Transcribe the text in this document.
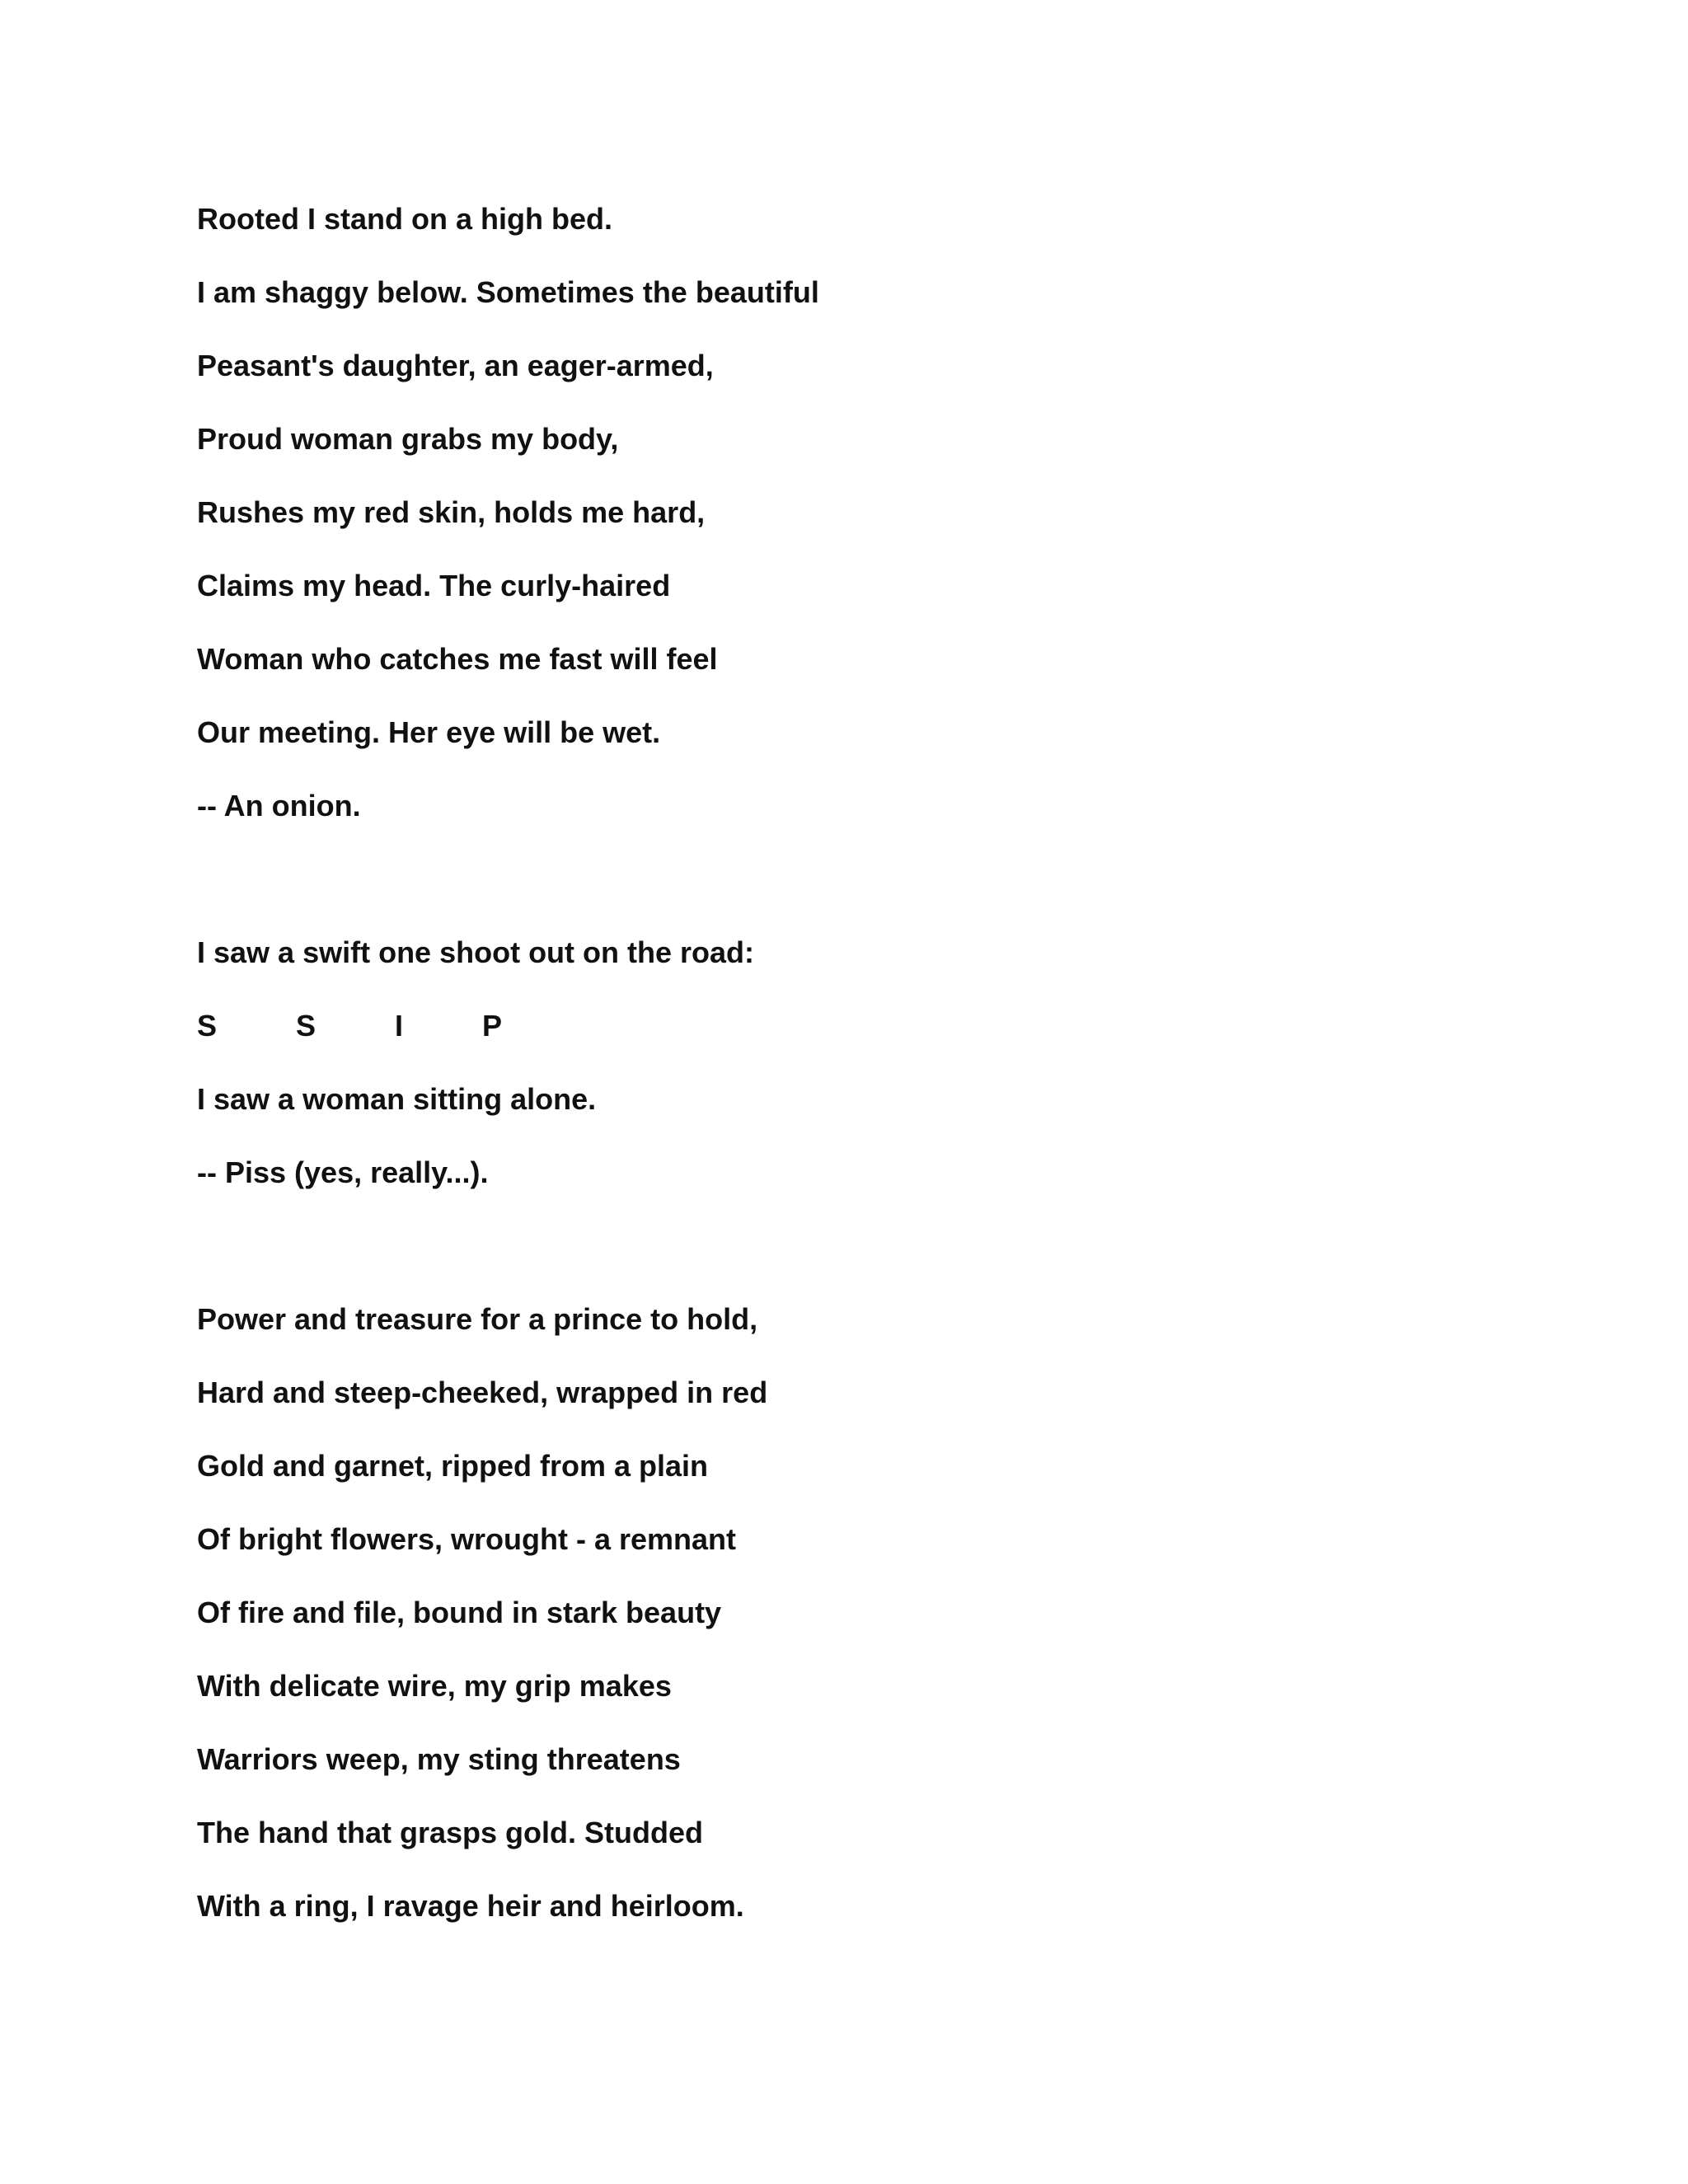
Rooted I stand on a high bed.
I am shaggy below. Sometimes the beautiful
Peasant's daughter, an eager-armed,
Proud woman grabs my body,
Rushes my red skin, holds me hard,
Claims my head. The curly-haired
Woman who catches me fast will feel
Our meeting. Her eye will be wet.
-- An onion.
I saw a swift one shoot out on the road:
S   S   I   P
I saw a woman sitting alone.
-- Piss (yes, really...).
Power and treasure for a prince to hold,
Hard and steep-cheeked, wrapped in red
Gold and garnet, ripped from a plain
Of bright flowers, wrought - a remnant
Of fire and file, bound in stark beauty
With delicate wire, my grip makes
Warriors weep, my sting threatens
The hand that grasps gold. Studded
With a ring, I ravage heir and heirloom.
